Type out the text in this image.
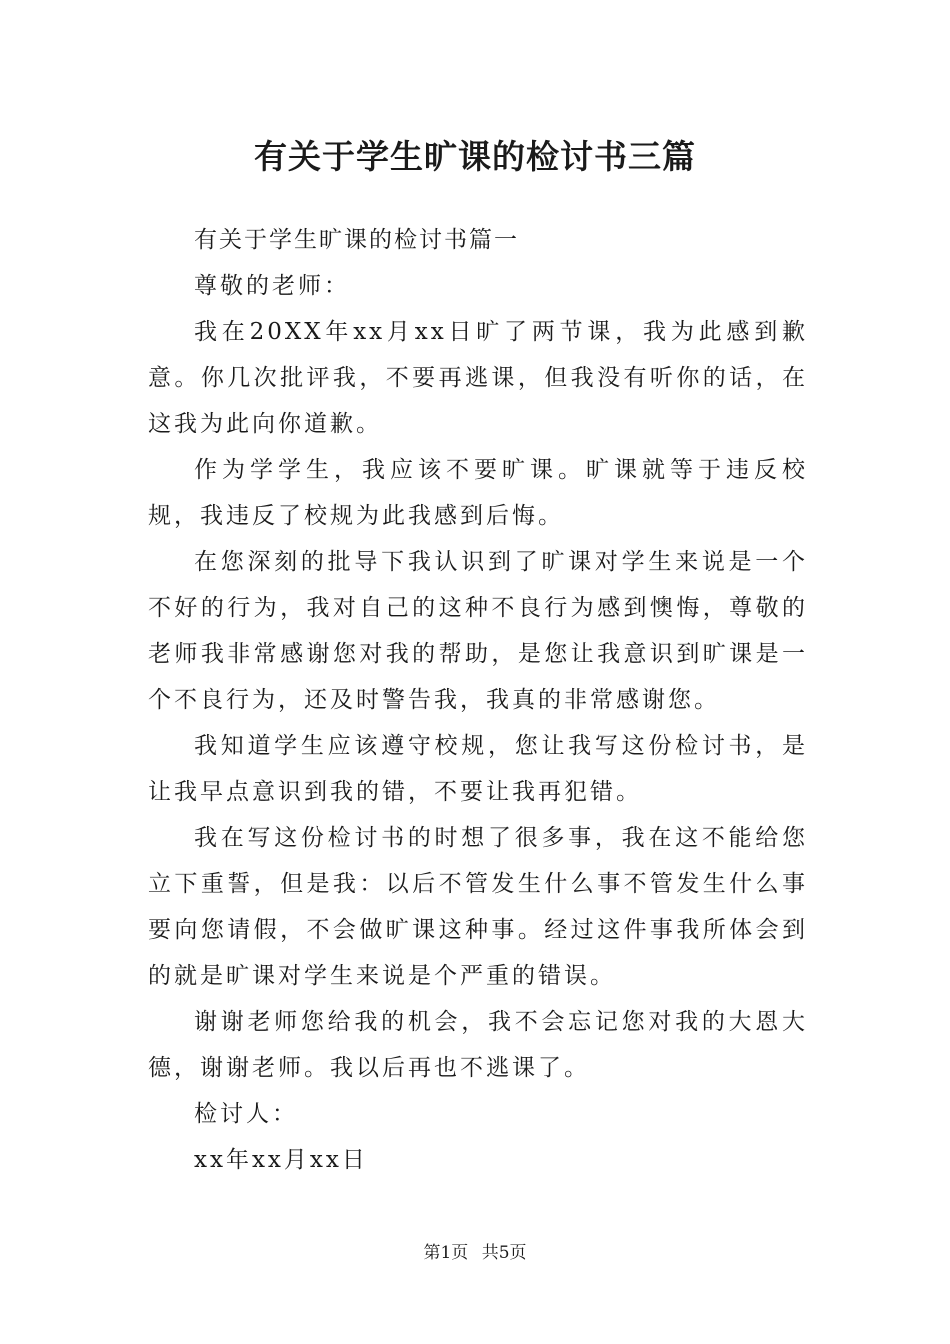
有关于学生旷课的检讨书三篇

有关于学生旷课的检讨书篇一

尊敬的老师：

我在20XX年xx月xx日旷了两节课，我为此感到歉意。你几次批评我，不要再逃课，但我没有听你的话，在这我为此向你道歉。

作为学学生，我应该不要旷课。旷课就等于违反校规，我违反了校规为此我感到后悔。

在您深刻的批导下我认识到了旷课对学生来说是一个不好的行为，我对自己的这种不良行为感到懊悔，尊敬的老师我非常感谢您对我的帮助，是您让我意识到旷课是一个不良行为，还及时警告我，我真的非常感谢您。

我知道学生应该遵守校规，您让我写这份检讨书，是让我早点意识到我的错，不要让我再犯错。

我在写这份检讨书的时想了很多事，我在这不能给您立下重誓，但是我：以后不管发生什么事不管发生什么事要向您请假，不会做旷课这种事。经过这件事我所体会到的就是旷课对学生来说是个严重的错误。

谢谢老师您给我的机会，我不会忘记您对我的大恩大德，谢谢老师。我以后再也不逃课了。

检讨人：

xx年xx月xx日

第1页 共5页
